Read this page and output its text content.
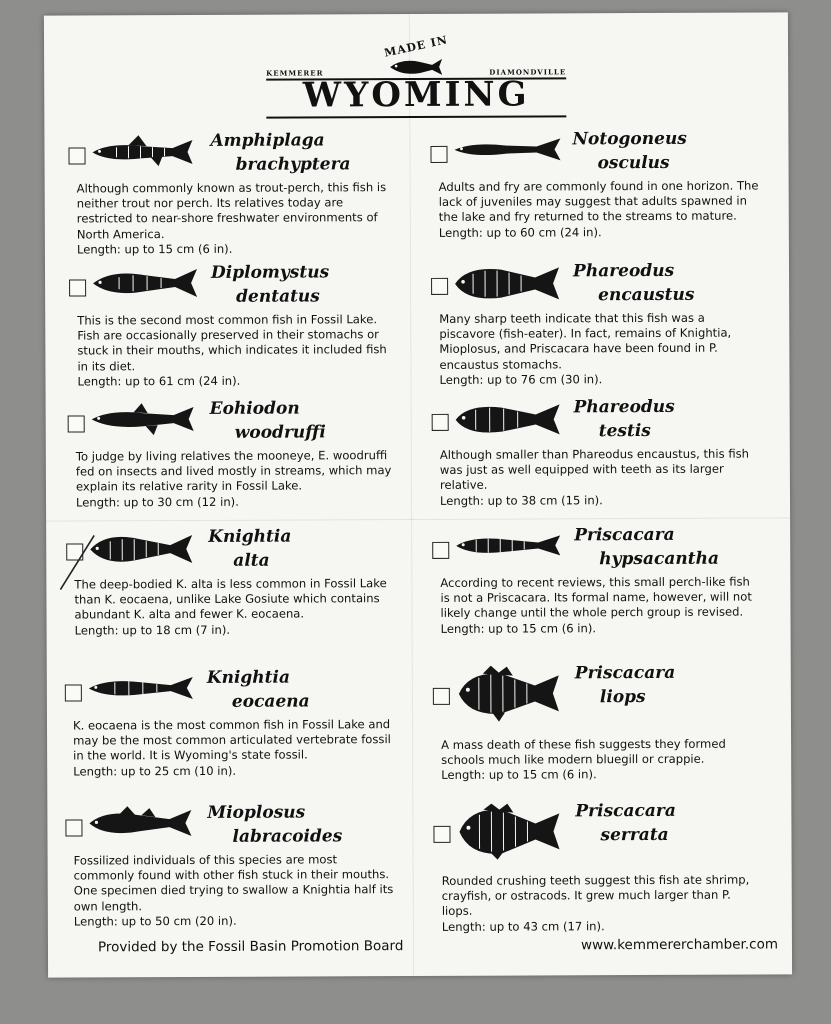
MADE IN
KEMMERER	DIAMONDVILLE
WYOMING
Amphiplaga
brachyptera
Although commonly known as trout-perch, this fish is neither trout nor perch. Its relatives today are restricted to near-shore freshwater environments of North America.
Length: up to 15 cm (6 in).
Diplomystus
dentatus
This is the second most common fish in Fossil Lake. Fish are occasionally preserved in their stomachs or stuck in their mouths, which indicates it included fish in its diet.
Length: up to 61 cm (24 in).
Eohiodon
woodruffi
To judge by living relatives the mooneye, E. woodruffi fed on insects and lived mostly in streams, which may explain its relative rarity in Fossil Lake.
Length: up to 30 cm (12 in).
Knightia
alta
The deep-bodied K. alta is less common in Fossil Lake than K. eocaena, unlike Lake Gosiute which contains abundant K. alta and fewer K. eocaena.
Length: up to 18 cm (7 in).
Knightia
eocaena
K. eocaena is the most common fish in Fossil Lake and may be the most common articulated vertebrate fossil in the world. It is Wyoming's state fossil.
Length: up to 25 cm (10 in).
Mioplosus
labracoides
Fossilized individuals of this species are most commonly found with other fish stuck in their mouths. One specimen died trying to swallow a Knightia half its own length.
Length: up to 50 cm (20 in).
Notogoneus
osculus
Adults and fry are commonly found in one horizon. The lack of juveniles may suggest that adults spawned in the lake and fry returned to the streams to mature.
Length: up to 60 cm (24 in).
Phareodus
encaustus
Many sharp teeth indicate that this fish was a piscavore (fish-eater). In fact, remains of Knightia, Mioplosus, and Priscacara have been found in P. encaustus stomachs.
Length: up to 76 cm (30 in).
Phareodus
testis
Although smaller than Phareodus encaustus, this fish was just as well equipped with teeth as its larger relative.
Length: up to 38 cm (15 in).
Priscacara
hypsacantha
According to recent reviews, this small perch-like fish is not a Priscacara. Its formal name, however, will not likely change until the whole perch group is revised.
Length: up to 15 cm (6 in).
Priscacara
liops
A mass death of these fish suggests they formed schools much like modern bluegill or crappie.
Length: up to 15 cm (6 in).
Priscacara
serrata
Rounded crushing teeth suggest this fish ate shrimp, crayfish, or ostracods. It grew much larger than P. liops.
Length: up to 43 cm (17 in).
Provided by the Fossil Basin Promotion Board	www.kemmererchamber.com
